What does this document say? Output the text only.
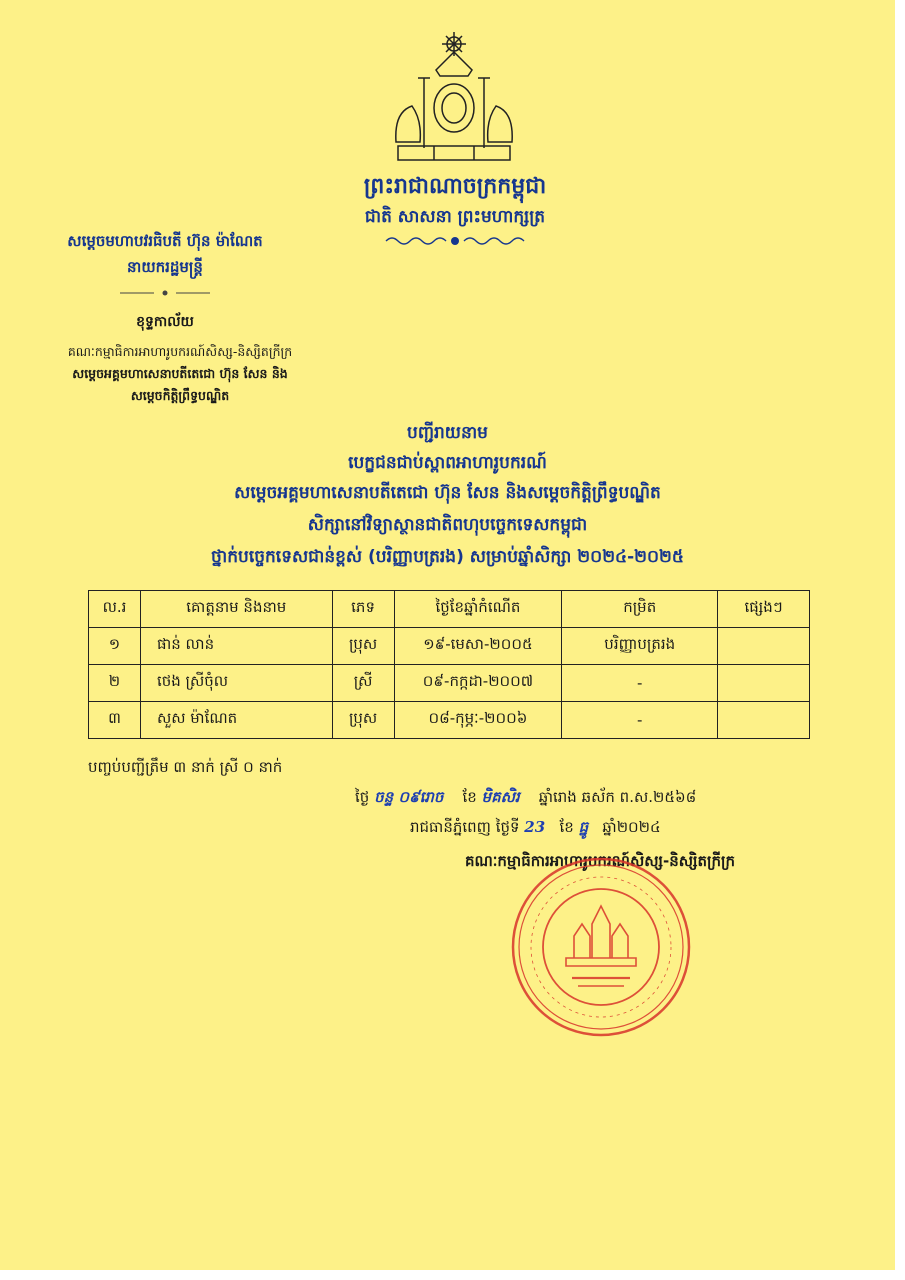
ព្រះរាជាណាចក្រកម្ពុជា
ជាតិ សាសនា ព្រះមហាក្សត្រ
សម្តេចមហាបវរធិបតី ហ៊ុន ម៉ាណែត
នាយករដ្ឋមន្ត្រី
ខុទ្ទកាល័យ
គណៈកម្មាធិការអាហារូបករណ៍សិស្ស-និស្សិតក្រីក្រ
សម្តេចអគ្គមហាសេនាបតីតេជោ ហ៊ុន សែន និង
សម្តេចកិត្តិព្រឹទ្ធបណ្ឌិត
បញ្ជីរាយនាម
បេក្ខជនជាប់ស្ពាពអាហារូបករណ៍
សម្តេចអគ្គមហាសេនាបតីតេជោ ហ៊ុន សែន និងសម្តេចកិត្តិព្រឹទ្ធបណ្ឌិត
សិក្សានៅវិទ្យាស្ថានជាតិពហុបច្ចេកទេសកម្ពុជា
ថ្នាក់បច្ចេកទេសជាន់ខ្ពស់ (បរិញ្ញាបត្ររង) សម្រាប់ឆ្នាំសិក្សា ២០២៤-២០២៥
ល.រ	គោត្តនាម និងនាម	ភេទ	ថ្ងៃខែឆ្នាំកំណើត	កម្រិត	ផ្សេងៗ
១	ផាន់ លាន់	ប្រុស	១៩-មេសា-២០០៥	បរិញ្ញាបត្ររង	
២	ថេង ស្រីចុំល	ស្រី	០៩-កក្កដា-២០០៧	-	
៣	សួស ម៉ាណែត	ប្រុស	០៨-កុម្ភៈ-២០០៦	-	
បញ្ចប់បញ្ជីត្រឹម ៣ នាក់ ស្រី ០ នាក់
ថ្ងៃ ចន្ទ ០៩រោច ខែ មិគសិរ ឆ្នាំរោង ឆស័ក ព.ស.២៥៦៨
រាជធានីភ្នំពេញ ថ្ងៃទី 23 ខែ ធ្នូ ឆ្នាំ២០២៤
គណៈកម្មាធិការអាហារូបករណ៍សិស្ស-និស្សិតក្រីក្រ
